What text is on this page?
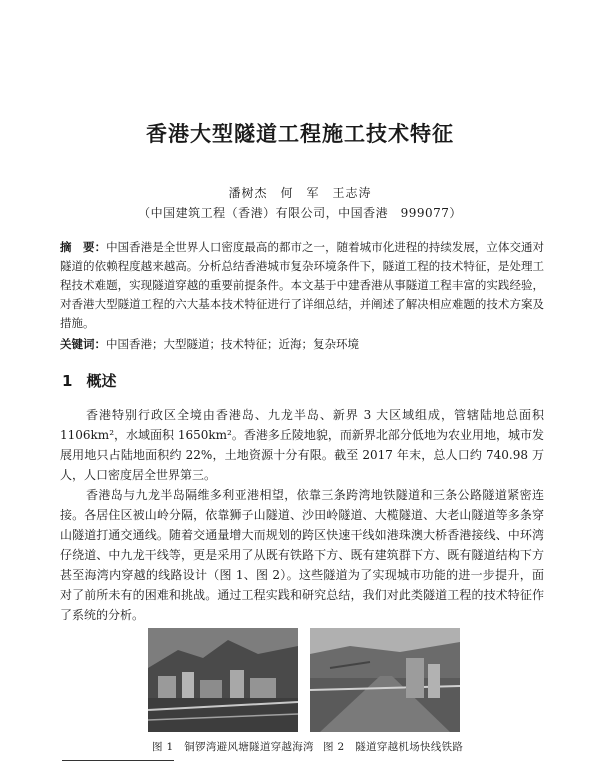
香港大型隧道工程施工技术特征
潘树杰　何　军　王志涛
（中国建筑工程（香港）有限公司，中国香港　999077）
摘　要：中国香港是全世界人口密度最高的都市之一，随着城市化进程的持续发展，立体交通对隧道的依赖程度越来越高。分析总结香港城市复杂环境条件下，隧道工程的技术特征，是处理工程技术难题，实现隧道穿越的重要前提条件。本文基于中建香港从事隧道工程丰富的实践经验，对香港大型隧道工程的六大基本技术特征进行了详细总结，并阐述了解决相应难题的技术方案及措施。
关键词：中国香港；大型隧道；技术特征；近海；复杂环境
1 概述
香港特别行政区全境由香港岛、九龙半岛、新界 3 大区域组成，管辖陆地总面积 1106km²，水域面积 1650km²。香港多丘陵地貌，而新界北部分低地为农业用地，城市发展用地只占陆地面积约 22%，土地资源十分有限。截至 2017 年末，总人口约 740.98 万人，人口密度居全世界第三。
香港岛与九龙半岛隔维多利亚港相望，依靠三条跨湾地铁隧道和三条公路隧道紧密连接。各居住区被山岭分隔，依靠狮子山隧道、沙田岭隧道、大榄隧道、大老山隧道等多条穿山隧道打通交通线。随着交通量增大而规划的跨区快速干线如港珠澳大桥香港接线、中环湾仔绕道、中九龙干线等，更是采用了从既有铁路下方、既有建筑群下方、既有隧道结构下方甚至海湾内穿越的线路设计（图 1、图 2）。这些隧道为了实现城市功能的进一步提升，面对了前所未有的困难和挑战。通过工程实践和研究总结，我们对此类隧道工程的技术特征作了系统的分析。
图 1　铜锣湾避风塘隧道穿越海湾 图 2　隧道穿越机场快线铁路
